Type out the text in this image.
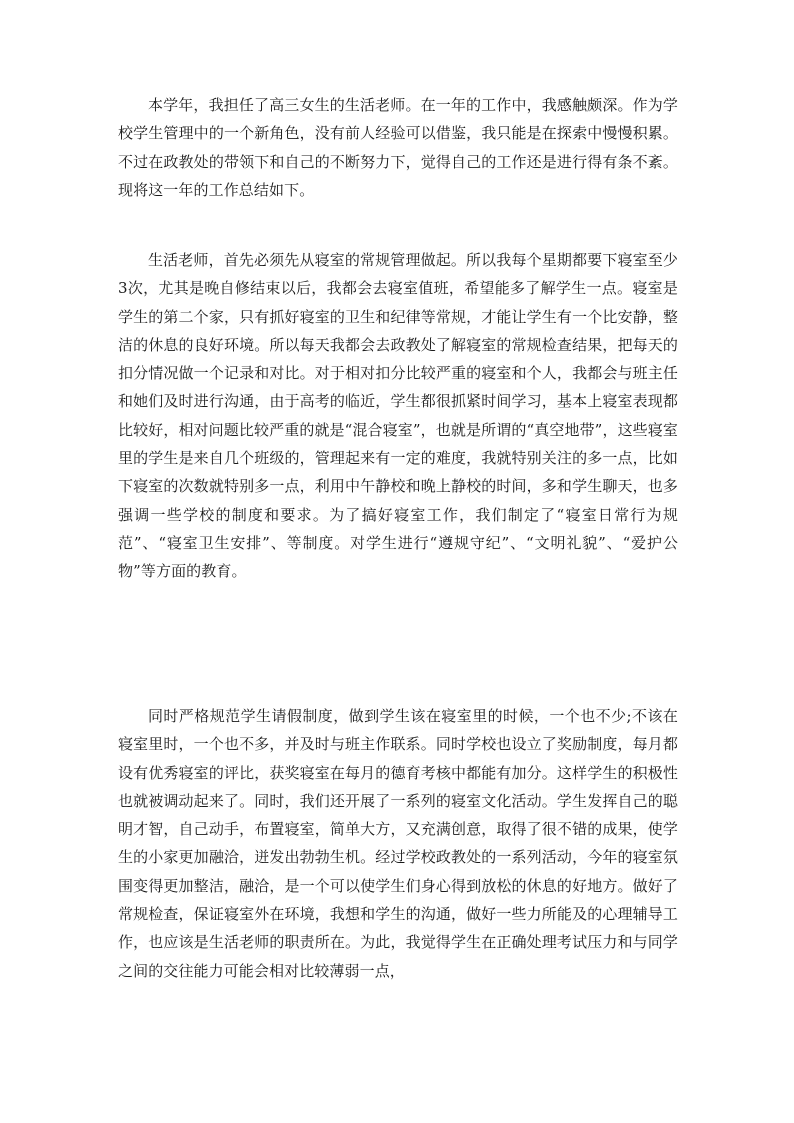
本学年，我担任了高三女生的生活老师。在一年的工作中，我感触颇深。作为学校学生管理中的一个新角色，没有前人经验可以借鉴，我只能是在探索中慢慢积累。不过在政教处的带领下和自己的不断努力下，觉得自己的工作还是进行得有条不紊。现将这一年的工作总结如下。

生活老师，首先必须先从寝室的常规管理做起。所以我每个星期都要下寝室至少3次，尤其是晚自修结束以后，我都会去寝室值班，希望能多了解学生一点。寝室是学生的第二个家，只有抓好寝室的卫生和纪律等常规，才能让学生有一个比安静，整洁的休息的良好环境。所以每天我都会去政教处了解寝室的常规检查结果，把每天的扣分情况做一个记录和对比。对于相对扣分比较严重的寝室和个人，我都会与班主任和她们及时进行沟通，由于高考的临近，学生都很抓紧时间学习，基本上寝室表现都比较好，相对问题比较严重的就是“混合寝室”，也就是所谓的“真空地带”，这些寝室里的学生是来自几个班级的，管理起来有一定的难度，我就特别关注的多一点，比如下寝室的次数就特别多一点，利用中午静校和晚上静校的时间，多和学生聊天，也多强调一些学校的制度和要求。为了搞好寝室工作，我们制定了“寝室日常行为规范”、“寝室卫生安排”、等制度。对学生进行“遵规守纪”、“文明礼貌”、“爱护公物”等方面的教育。

同时严格规范学生请假制度，做到学生该在寝室里的时候，一个也不少;不该在寝室里时，一个也不多，并及时与班主作联系。同时学校也设立了奖励制度，每月都设有优秀寝室的评比，获奖寝室在每月的德育考核中都能有加分。这样学生的积极性也就被调动起来了。同时，我们还开展了一系列的寝室文化活动。学生发挥自己的聪明才智，自己动手，布置寝室，简单大方，又充满创意，取得了很不错的成果，使学生的小家更加融洽，迸发出勃勃生机。经过学校政教处的一系列活动，今年的寝室氛围变得更加整洁，融洽，是一个可以使学生们身心得到放松的休息的好地方。做好了常规检查，保证寝室外在环境，我想和学生的沟通，做好一些力所能及的心理辅导工作，也应该是生活老师的职责所在。为此，我觉得学生在正确处理考试压力和与同学之间的交往能力可能会相对比较薄弱一点，
